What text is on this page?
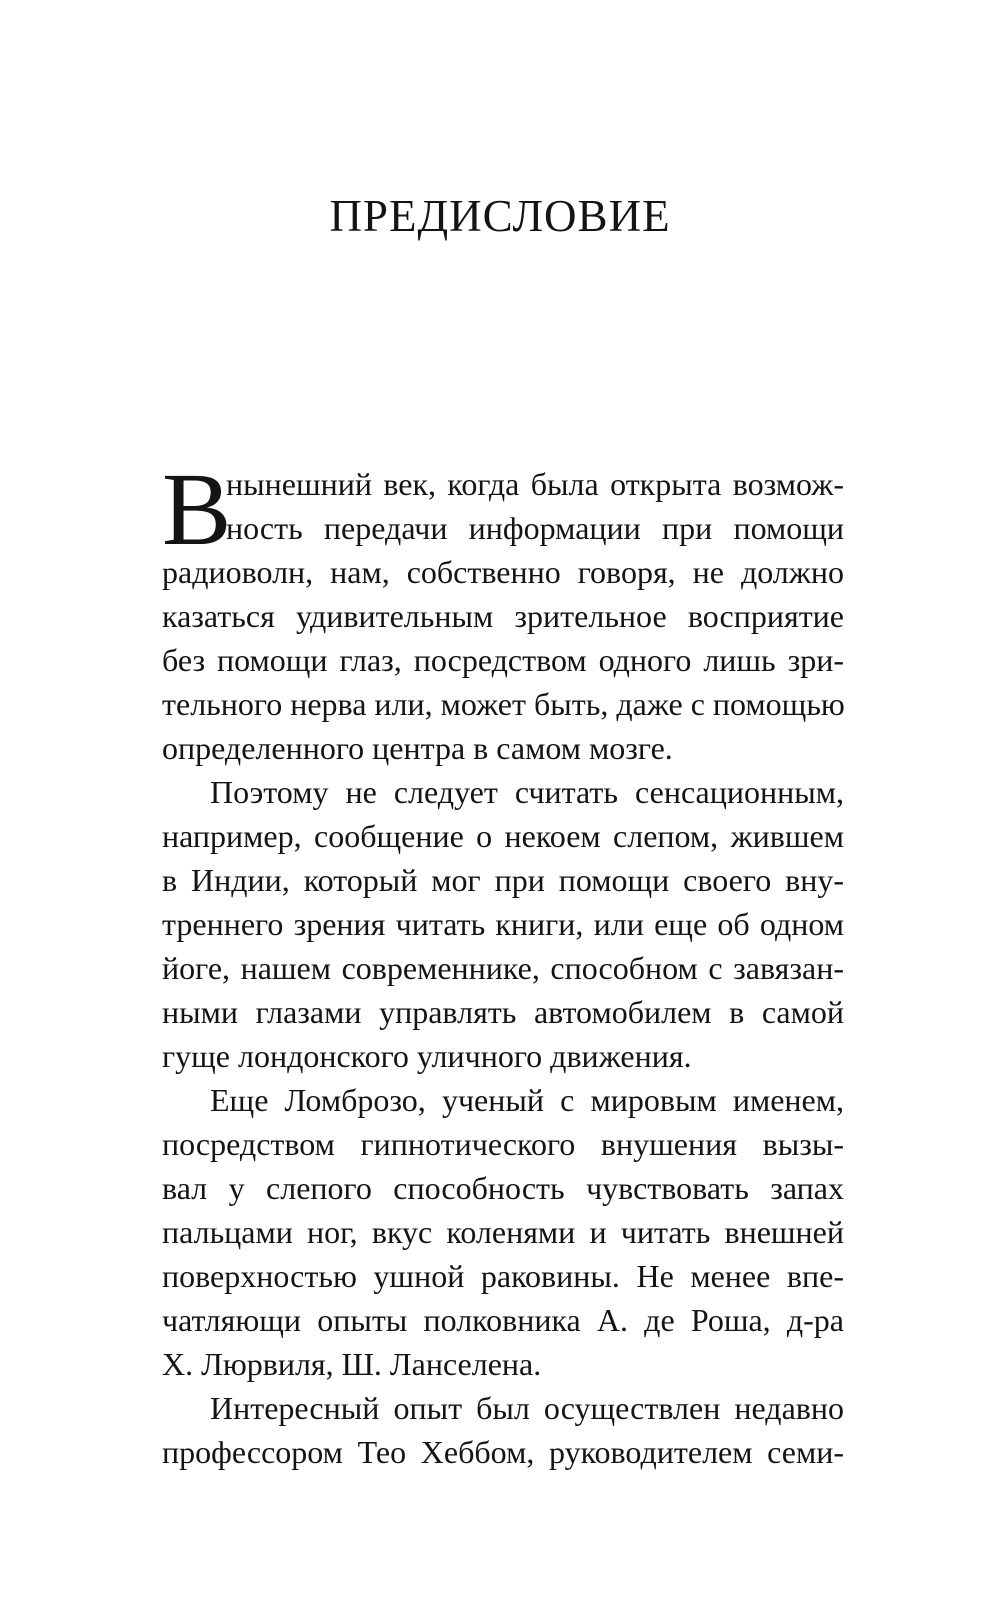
ПРЕДИСЛОВИЕ
В
нынешний век, когда была открыта возмож-
ность передачи информации при помощи
радиоволн, нам, собственно говоря, не должно
казаться удивительным зрительное восприятие
без помощи глаз, посредством одного лишь зри-
тельного нерва или, может быть, даже с помощью
определенного центра в самом мозге.
Поэтому не следует считать сенсационным,
например, сообщение о некоем слепом, жившем
в Индии, который мог при помощи своего вну-
треннего зрения читать книги, или еще об одном
йоге, нашем современнике, способном с завязан-
ными глазами управлять автомобилем в самой
гуще лондонского уличного движения.
Еще Ломброзо, ученый с мировым именем,
посредством гипнотического внушения вызы-
вал у слепого способность чувствовать запах
пальцами ног, вкус коленями и читать внешней
поверхностью ушной раковины. Не менее впе-
чатляющи опыты полковника А. де Роша, д-ра
Х. Люрвиля, Ш. Ланселена.
Интересный опыт был осуществлен недавно
профессором Тео Хеббом, руководителем семи-
